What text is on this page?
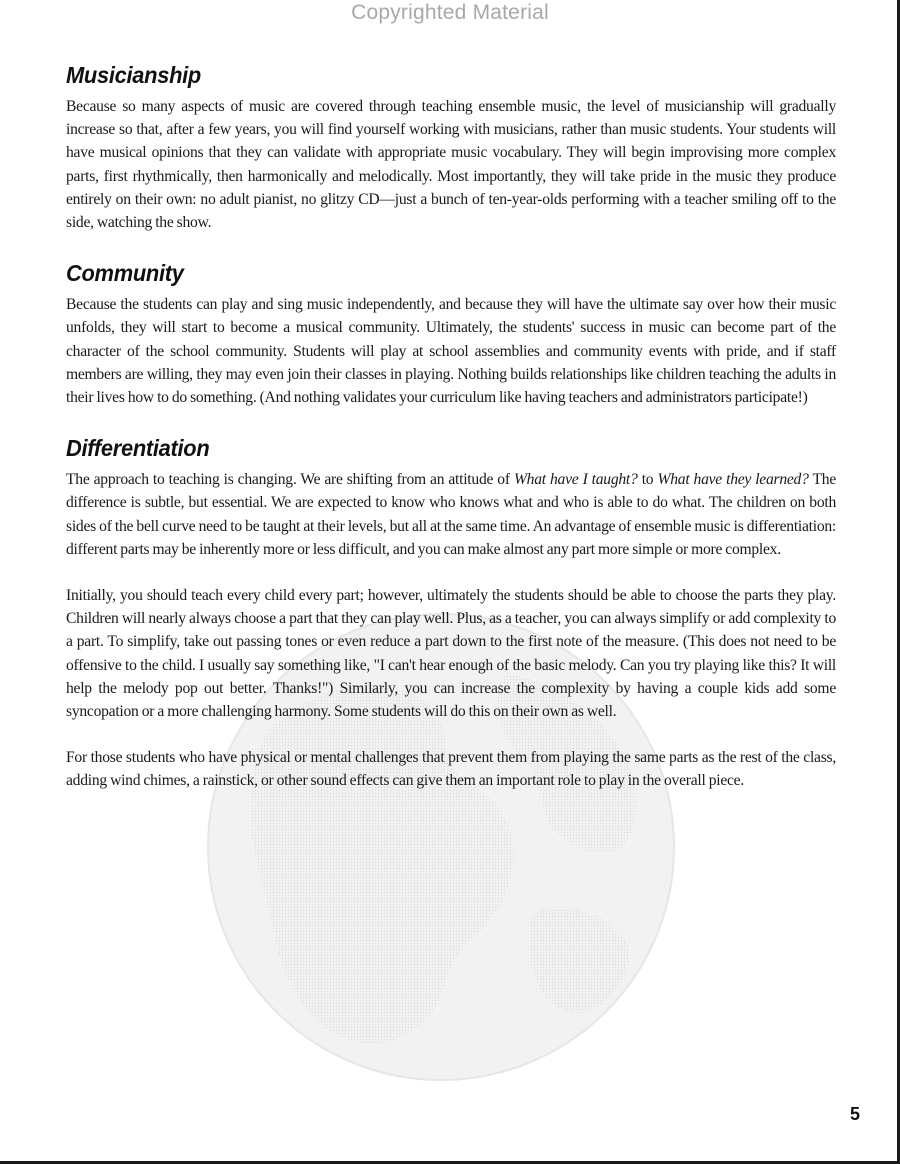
Copyrighted Material
Musicianship

Because so many aspects of music are covered through teaching ensemble music, the level of musicianship will gradually increase so that, after a few years, you will find yourself working with musicians, rather than music students. Your students will have musical opinions that they can validate with appropriate music vocabulary. They will begin improvising more complex parts, first rhythmically, then harmonically and melodically. Most importantly, they will take pride in the music they produce entirely on their own: no adult pianist, no glitzy CD—just a bunch of ten-year-olds performing with a teacher smiling off to the side, watching the show.

Community

Because the students can play and sing music independently, and because they will have the ultimate say over how their music unfolds, they will start to become a musical community. Ultimately, the students' success in music can become part of the character of the school community. Students will play at school assemblies and community events with pride, and if staff members are willing, they may even join their classes in playing. Nothing builds relationships like children teaching the adults in their lives how to do something. (And nothing validates your curriculum like having teachers and administrators participate!)

Differentiation

The approach to teaching is changing. We are shifting from an attitude of What have I taught? to What have they learned? The difference is subtle, but essential. We are expected to know who knows what and who is able to do what. The children on both sides of the bell curve need to be taught at their levels, but all at the same time. An advantage of ensemble music is differentiation: different parts may be inherently more or less difficult, and you can make almost any part more simple or more complex.

Initially, you should teach every child every part; however, ultimately the students should be able to choose the parts they play. Children will nearly always choose a part that they can play well. Plus, as a teacher, you can always simplify or add complexity to a part. To simplify, take out passing tones or even reduce a part down to the first note of the measure. (This does not need to be offensive to the child. I usually say something like, "I can't hear enough of the basic melody. Can you try playing like this? It will help the melody pop out better. Thanks!") Similarly, you can increase the complexity by having a couple kids add some syncopation or a more challenging harmony. Some students will do this on their own as well.

For those students who have physical or mental challenges that prevent them from playing the same parts as the rest of the class, adding wind chimes, a rainstick, or other sound effects can give them an important role to play in the overall piece.

5
